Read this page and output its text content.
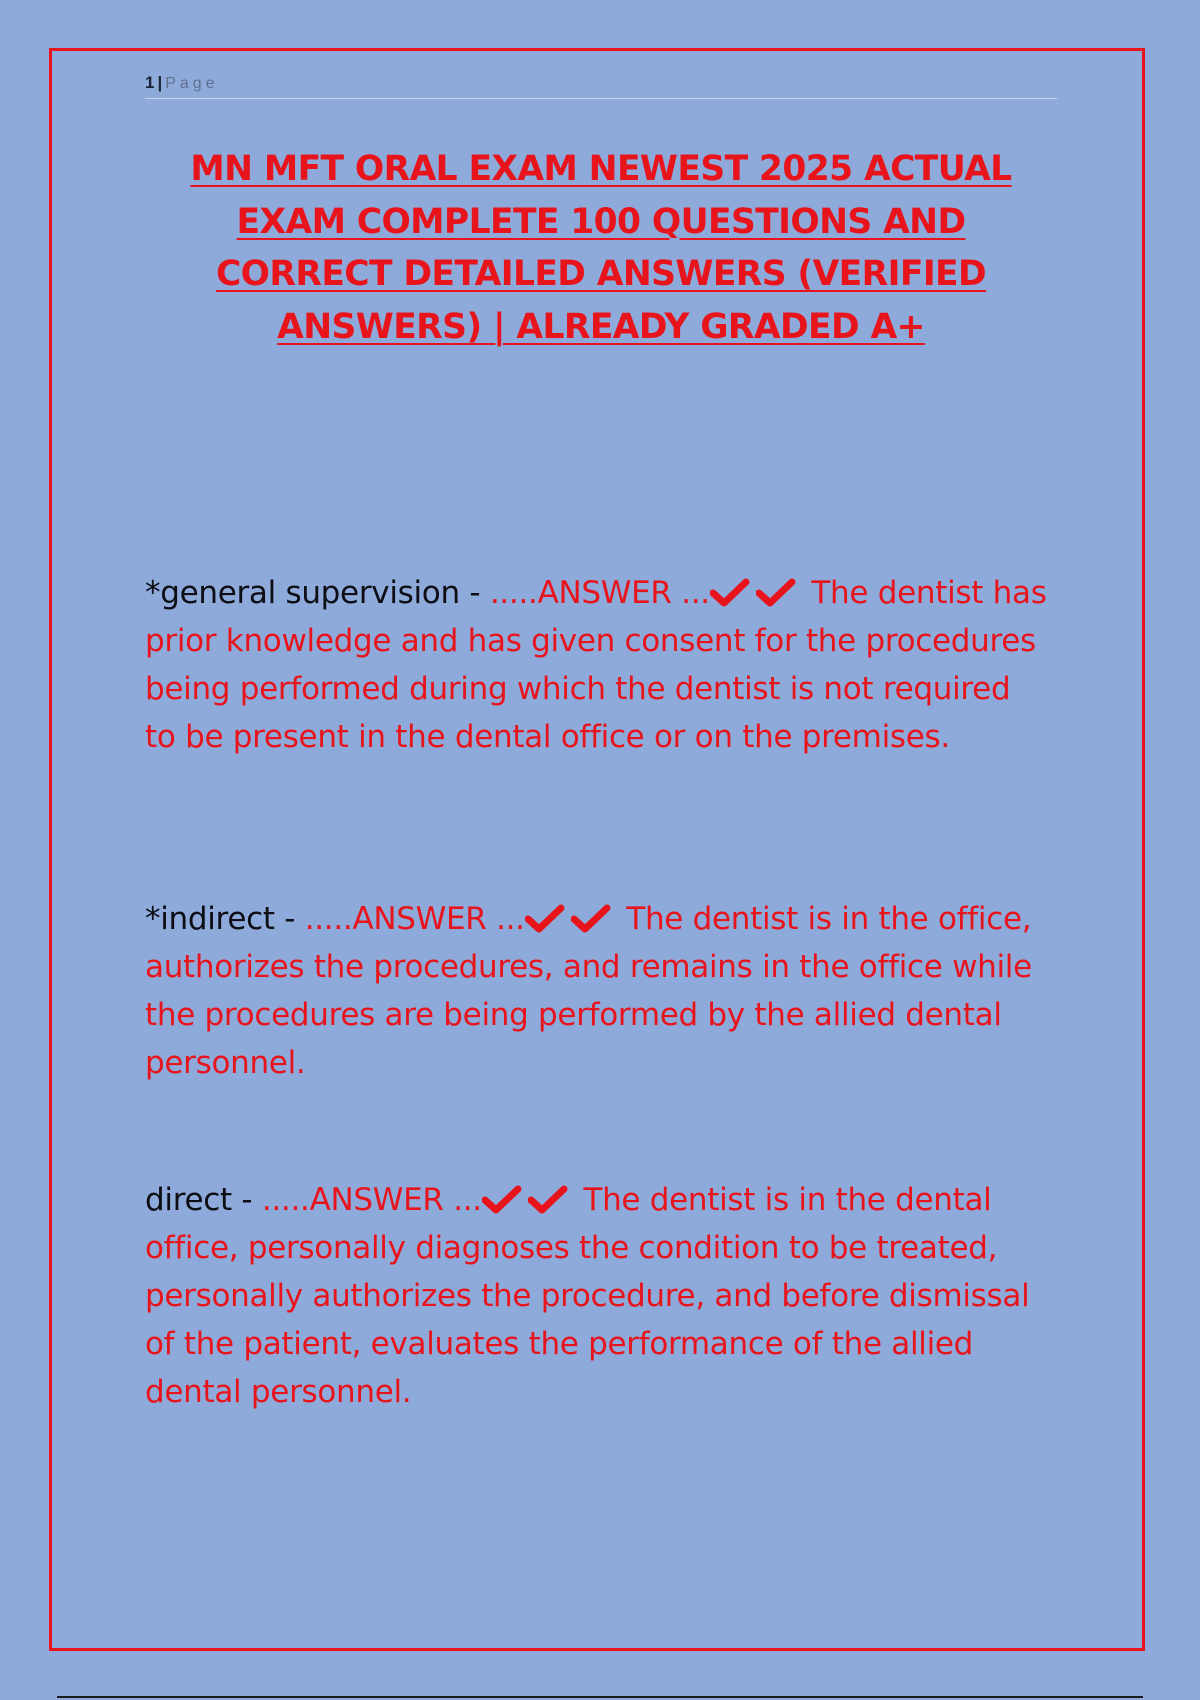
1 | Page
MN MFT ORAL EXAM NEWEST 2025 ACTUAL
EXAM COMPLETE 100 QUESTIONS AND
CORRECT DETAILED ANSWERS (VERIFIED
ANSWERS) | ALREADY GRADED A+
*general supervision - .....ANSWER ...	The dentist has prior knowledge and has given consent for the procedures being performed during which the dentist is not required to be present in the dental office or on the premises.
*indirect - .....ANSWER ...	The dentist is in the office, authorizes the procedures, and remains in the office while the procedures are being performed by the allied dental personnel.
direct - .....ANSWER ...	The dentist is in the dental office, personally diagnoses the condition to be treated, personally authorizes the procedure, and before dismissal of the patient, evaluates the performance of the allied dental personnel.
